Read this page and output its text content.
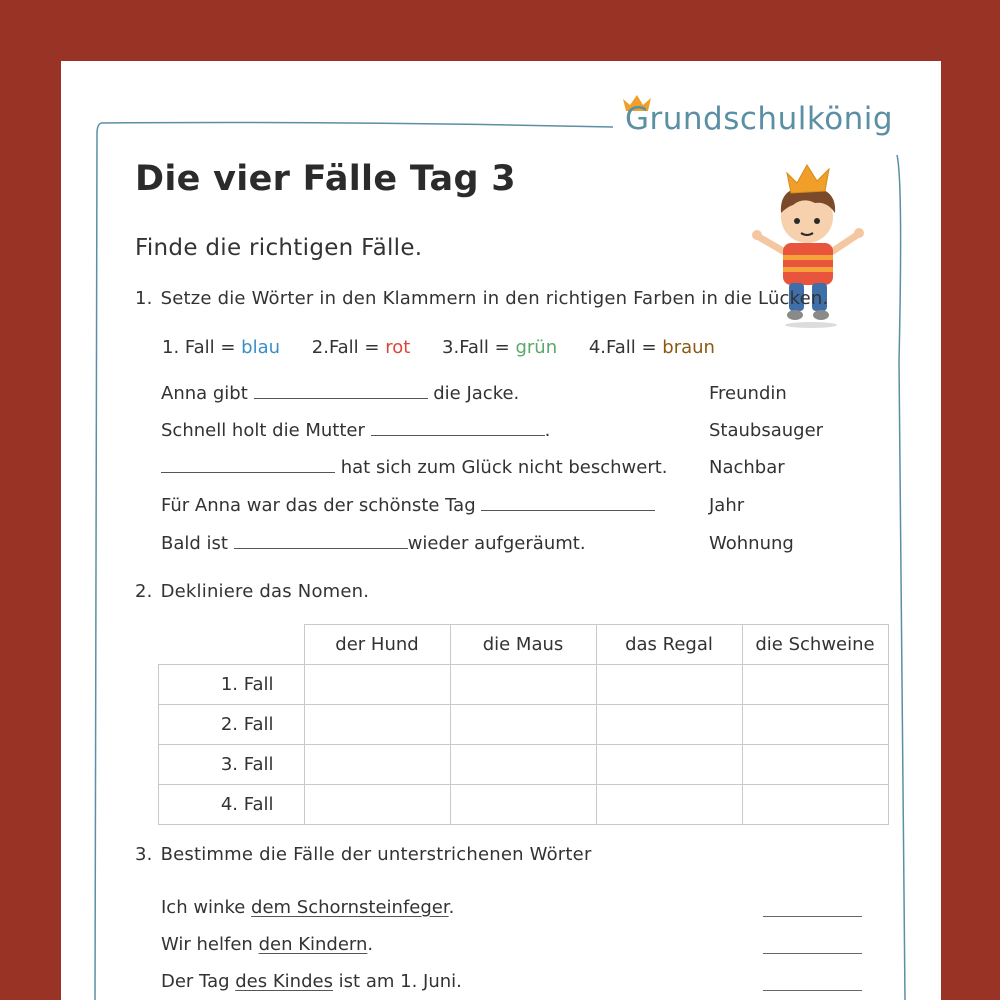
Grundschulkönig
Die vier Fälle Tag 3
Finde die richtigen Fälle.
1. Setze die Wörter in den Klammern in den richtigen Farben in die Lücken.
1. Fall = blau 2.Fall = rot 3.Fall = grün 4.Fall = braun
Anna gibt	die Jacke.	Freundin
Schnell holt die Mutter	.	Staubsauger
hat sich zum Glück nicht beschwert. Nachbar
Für Anna war das der schönste Tag	Jahr
Bald ist	wieder aufgeräumt.	Wohnung
2. Dekliniere das Nomen.
	der Hund	die Maus	das Regal	die Schweine
1. Fall				
2. Fall				
3. Fall				
4. Fall				
3. Bestimme die Fälle der unterstrichenen Wörter
Ich winke dem Schornsteinfeger.
Wir helfen den Kindern.
Der Tag des Kindes ist am 1. Juni.
